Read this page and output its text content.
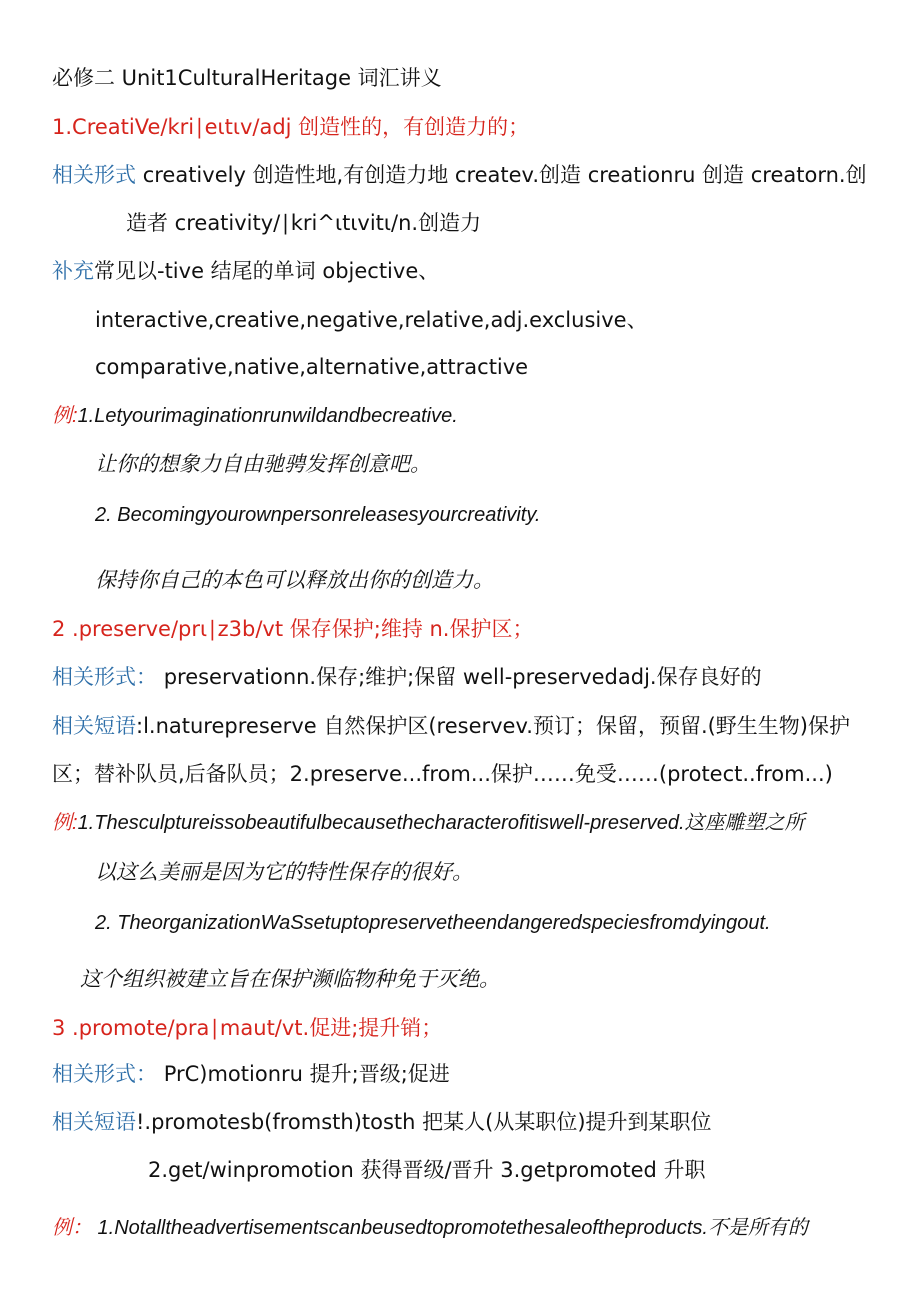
必修二 Unit1CulturalHeritage 词汇讲义
1.CreatiVe/kri∣eιtιv/adj 创造性的，有创造力的；
相关形式 creatively 创造性地,有创造力地 createv.创造 creationru 创造 creatorn.创
造者 creativity/∣kri^ιtιvitι/n.创造力
补充常见以-tive 结尾的单词 objective、
interactive,creative,negative,relative,adj.exclusive、
comparative,native,alternative,attractive
例:1.Letyourimaginationrunwildandbecreative.
让你的想象力自由驰骋发挥创意吧。
2. Becomingyourownpersonreleasesyourcreativity.
保持你自己的本色可以释放出你的创造力。
2 .preserve/prι∣z3b/vt 保存保护;维持 n.保护区；
相关形式： preservationn.保存;维护;保留 well-preservedadj.保存良好的
相关短语:l.naturepreserve 自然保护区(reservev.预订；保留，预留.(野生生物)保护
区；替补队员,后备队员；2.preserve...from...保护……免受……(protect..from...)
例:1.Thesculptureissobeautifulbecausethecharacterofitiswell-preserved.这座雕塑之所
以这么美丽是因为它的特性保存的很好。
2. TheorganizationWaSsetuptopreservetheendangeredspeciesfromdyingout.
这个组织被建立旨在保护濒临物种免于灭绝。
3 .promote/pra∣maut/vt.促进;提升销；
相关形式： PrC)motionru 提升;晋级;促进
相关短语!.promotesb(fromsth)tosth 把某人(从某职位)提升到某职位
2.get/winpromotion 获得晋级/晋升 3.getpromoted 升职
例： 1.Notalltheadvertisementscanbeusedtopromotethesaleoftheproducts.不是所有的
